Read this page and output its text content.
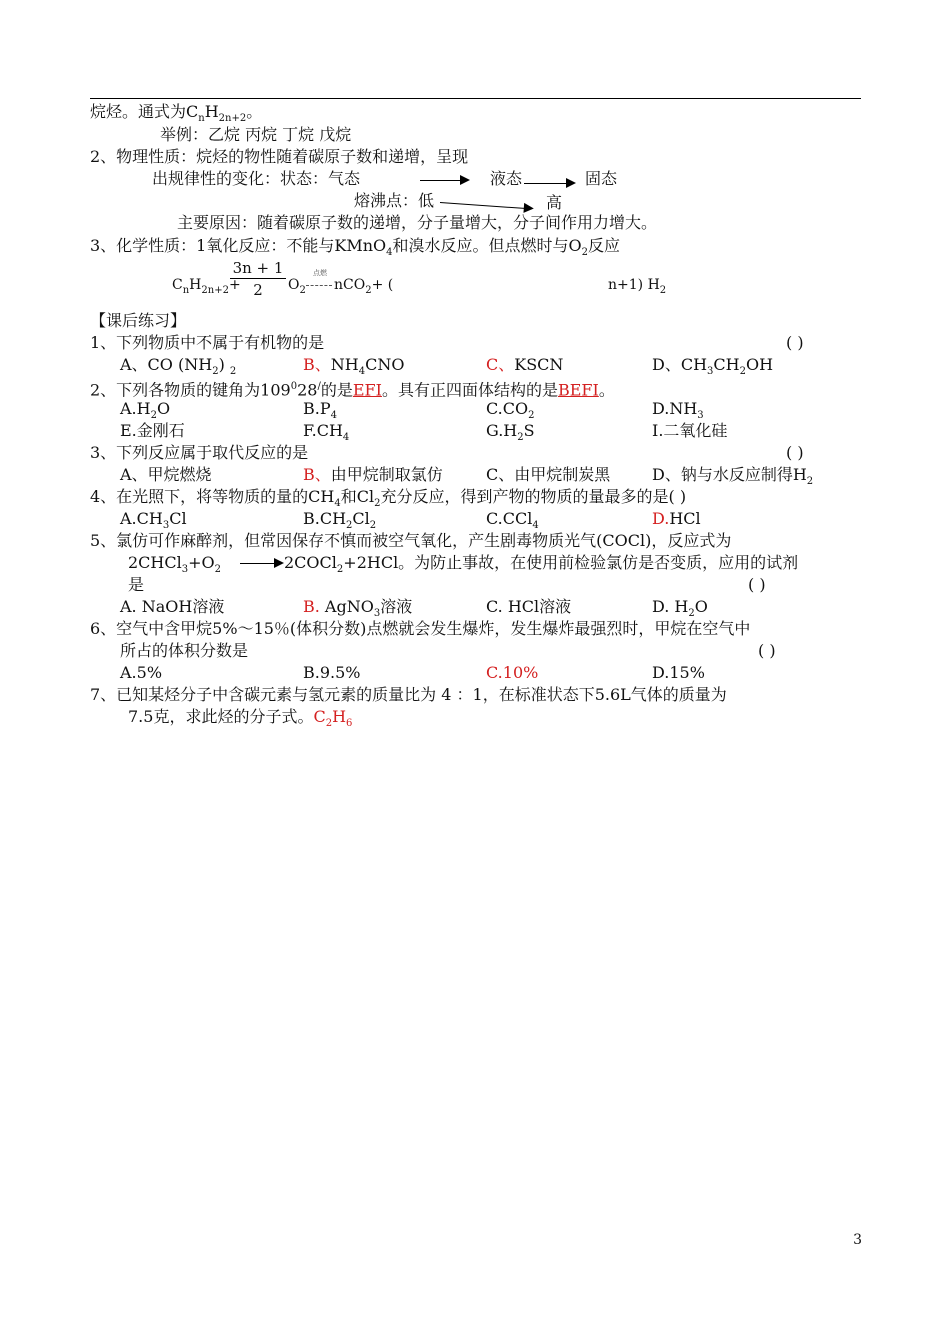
烷烃。通式为$C_nH_{2n+2}$。
举例：乙烷 丙烷 丁烷 戊烷
2、物理性质：烷烃的物性随着碳原子数和递增，呈现
出规律性的变化：状态：气态	液态	固态
熔沸点：低	高
主要原因：随着碳原子数的递增，分子量增大，分子间作用力增大。
3、化学性质：1氧化反应：不能与KMnO$_4$和溴水反应。但点燃时与$O_2$反应
$C_nH_{2n+2}+$
$\frac{3n + 1}{2} O_2$
点燃
nCO$_2$+ (	n+1) $H_2$
【课后练习】
1、下列物质中不属于有机物的是	( )
A、CO $(NH_2)$ $_2$	B、$NH_4CNO$	C、KSCN	D、$CH_3CH_2OH$
2、下列各物质的键角为$109^028^/$的是EFI。具有正四面体结构的是BEFI。
$A.H_2O$	$B.P_4$	$C.CO_2$	$D.NH_3$
E.金刚石	$F.CH_4$	$G.H_2S$	I.二氧化硅
3、下列反应属于取代反应的是	( )
A、甲烷燃烧	B、由甲烷制取氯仿	C、由甲烷制炭黑	D、钠与水反应制得$H_2$
4、在光照下，将等物质的量的$CH_4$和$Cl_2$充分反应，得到产物的物质的量最多的是( )
$A.CH_3Cl$	$B.CH_2Cl_2$	C.CCl$_4$	D.HCl
5、氯仿可作麻醉剂，但常因保存不慎而被空气氧化，产生剧毒物质光气(COCl)，反应式为
$2CHCl_3+O_2$	2COCl$_2$+2HCl。为防止事故，在使用前检验氯仿是否变质，应用的试剂
是	( )
A. NaOH溶液	B. AgNO$_3$溶液	C. HCl溶液	D. $H_2O$
6、空气中含甲烷5%～15％(体积分数)点燃就会发生爆炸，发生爆炸最强烈时，甲烷在空气中
所占的体积分数是	( )
A.5%	B.9.5%	C.10%	D.15%
7、已知某烃分子中含碳元素与氢元素的质量比为 4 ：1，在标准状态下5.6L气体的质量为
7.5克，求此烃的分子式。$C_2H_6$
3
